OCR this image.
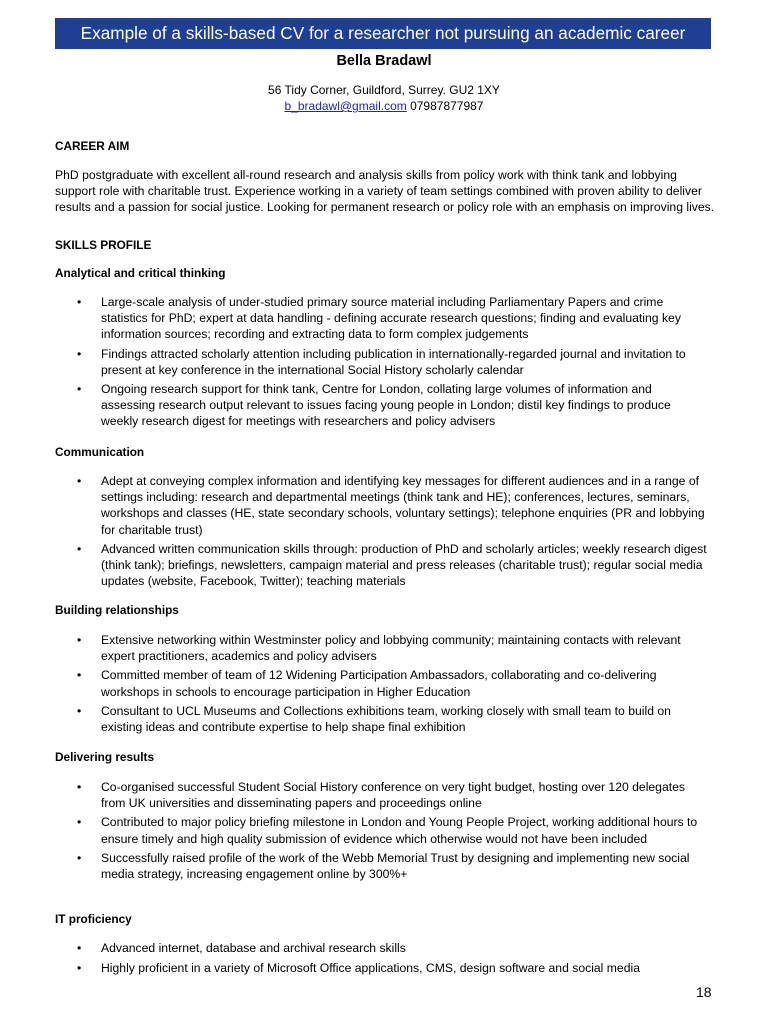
Example of a skills-based CV for a researcher not pursuing an academic career
Bella Bradawl
56 Tidy Corner, Guildford, Surrey. GU2 1XY
b_bradawl@gmail.com 07987877987
CAREER AIM
PhD postgraduate with excellent all-round research and analysis skills from policy work with think tank and lobbying support role with charitable trust. Experience working in a variety of team settings combined with proven ability to deliver results and a passion for social justice. Looking for permanent research or policy role with an emphasis on improving lives.
SKILLS PROFILE
Analytical and critical thinking
• Large-scale analysis of under-studied primary source material including Parliamentary Papers and crime statistics for PhD; expert at data handling - defining accurate research questions; finding and evaluating key information sources; recording and extracting data to form complex judgements
• Findings attracted scholarly attention including publication in internationally-regarded journal and invitation to present at key conference in the international Social History scholarly calendar
• Ongoing research support for think tank, Centre for London, collating large volumes of information and assessing research output relevant to issues facing young people in London; distil key findings to produce weekly research digest for meetings with researchers and policy advisers
Communication
• Adept at conveying complex information and identifying key messages for different audiences and in a range of settings including: research and departmental meetings (think tank and HE); conferences, lectures, seminars, workshops and classes (HE, state secondary schools, voluntary settings); telephone enquiries (PR and lobbying for charitable trust)
• Advanced written communication skills through: production of PhD and scholarly articles; weekly research digest (think tank); briefings, newsletters, campaign material and press releases (charitable trust); regular social media updates (website, Facebook, Twitter); teaching materials
Building relationships
• Extensive networking within Westminster policy and lobbying community; maintaining contacts with relevant expert practitioners, academics and policy advisers
• Committed member of team of 12 Widening Participation Ambassadors, collaborating and co-delivering workshops in schools to encourage participation in Higher Education
• Consultant to UCL Museums and Collections exhibitions team, working closely with small team to build on existing ideas and contribute expertise to help shape final exhibition
Delivering results
• Co-organised successful Student Social History conference on very tight budget, hosting over 120 delegates from UK universities and disseminating papers and proceedings online
• Contributed to major policy briefing milestone in London and Young People Project, working additional hours to ensure timely and high quality submission of evidence which otherwise would not have been included
• Successfully raised profile of the work of the Webb Memorial Trust by designing and implementing new social media strategy, increasing engagement online by 300%+
IT proficiency
• Advanced internet, database and archival research skills
• Highly proficient in a variety of Microsoft Office applications, CMS, design software and social media
18
